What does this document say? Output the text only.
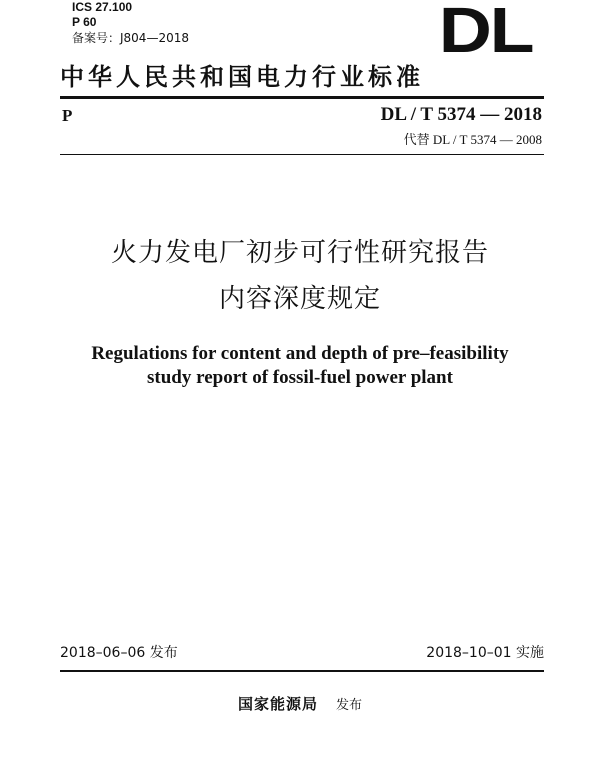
ICS 27.100
P 60
备案号：J804—2018	DL
中华人民共和国电力行业标准
P	DL / T 5374 — 2018
代替 DL / T 5374 — 2008
火力发电厂初步可行性研究报告
内容深度规定
Regulations for content and depth of pre–feasibility
study report of fossil-fuel power plant
2018–06–06 发布	2018–10–01 实施
国家能源局 发布
